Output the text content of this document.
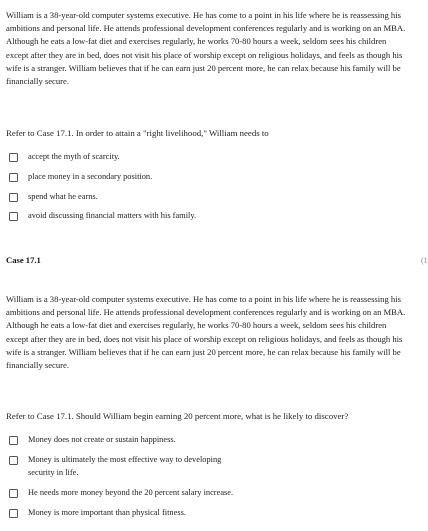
William is a 38-year-old computer systems executive. He has come to a point in his life where he is reassessing his ambitions and personal life. He attends professional development conferences regularly and is working on an MBA. Although he eats a low-fat diet and exercises regularly, he works 70-80 hours a week, seldom sees his children except after they are in bed, does not visit his place of worship except on religious holidays, and feels as though his wife is a stranger. William believes that if he can earn just 20 percent more, he can relax because his family will be financially secure.
Refer to Case 17.1. In order to attain a "right livelihood," William needs to
accept the myth of scarcity.
place money in a secondary position.
spend what he earns.
avoid discussing financial matters with his family.
Case 17.1	(1
William is a 38-year-old computer systems executive. He has come to a point in his life where he is reassessing his ambitions and personal life. He attends professional development conferences regularly and is working on an MBA. Although he eats a low-fat diet and exercises regularly, he works 70-80 hours a week, seldom sees his children except after they are in bed, does not visit his place of worship except on religious holidays, and feels as though his wife is a stranger. William believes that if he can earn just 20 percent more, he can relax because his family will be financially secure.
Refer to Case 17.1. Should William begin earning 20 percent more, what is he likely to discover?
Money does not create or sustain happiness.
Money is ultimately the most effective way to developing security in life.
He needs more money beyond the 20 percent salary increase.
Money is more important than physical fitness.
